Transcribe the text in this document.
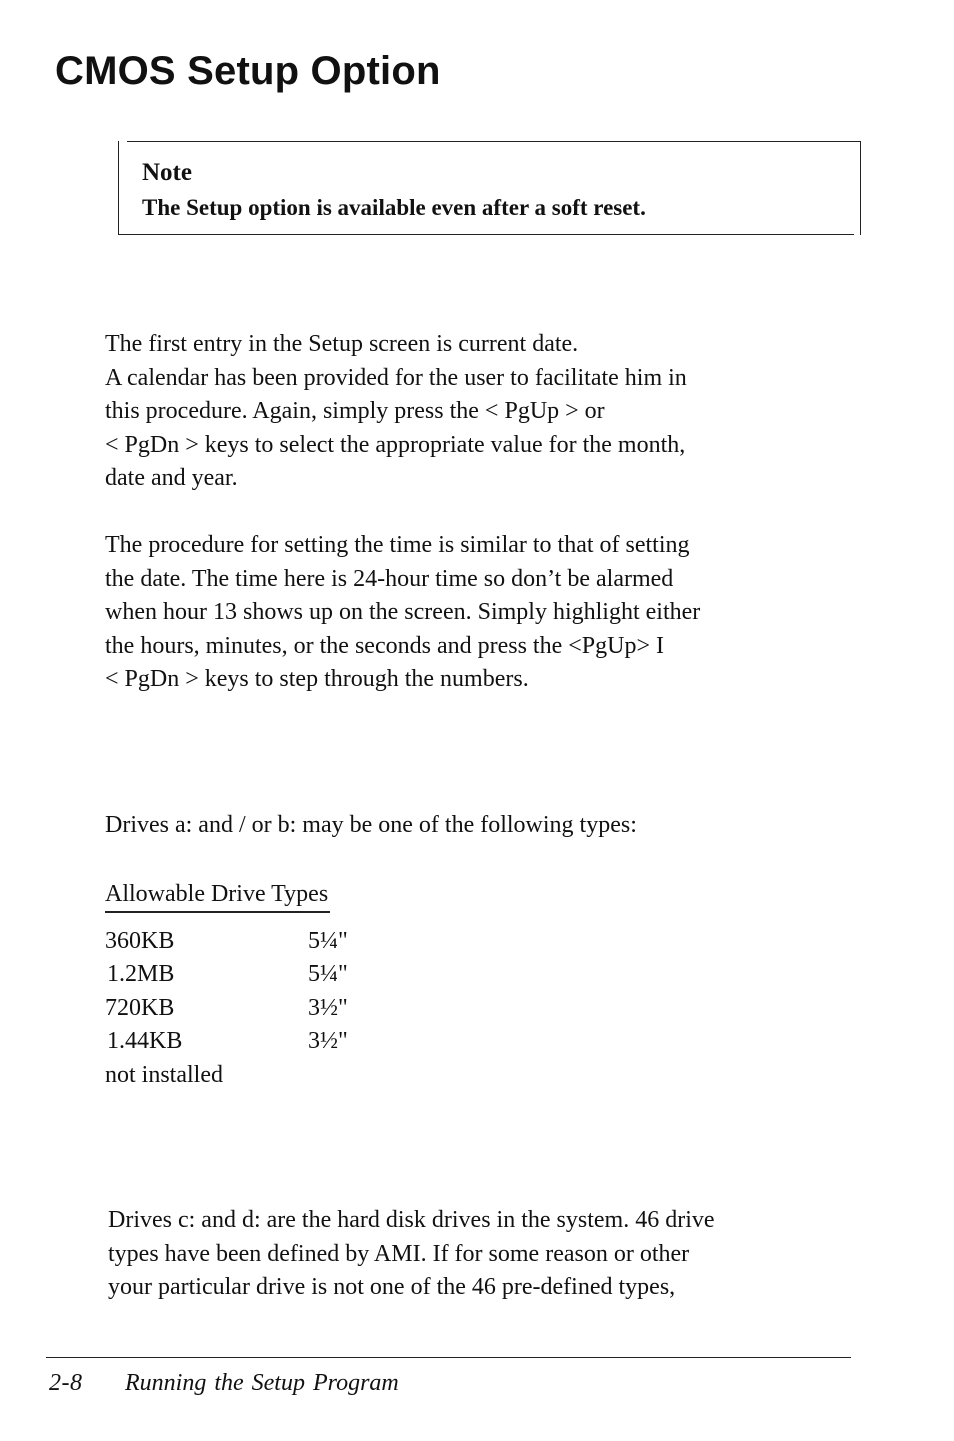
CMOS Setup Option
Note
The Setup option is available even after a soft reset.

The first entry in the Setup screen is current date.
A calendar has been provided for the user to facilitate him in
this procedure. Again, simply press the < PgUp > or
< PgDn > keys to select the appropriate value for the month,
date and year.

The procedure for setting the time is similar to that of setting
the date. The time here is 24-hour time so don’t be alarmed
when hour 13 shows up on the screen. Simply highlight either
the hours, minutes, or the seconds and press the <PgUp> I
< PgDn > keys to step through the numbers.

Drives a: and / or b: may be one of the following types:

Allowable Drive Types
360KB	5¼"
1.2MB	5¼"
720KB	3½"
1.44KB	3½"
not installed

Drives c: and d: are the hard disk drives in the system. 46 drive
types have been defined by AMI. If for some reason or other
your particular drive is not one of the 46 pre-defined types,

2-8 Running the Setup Program
